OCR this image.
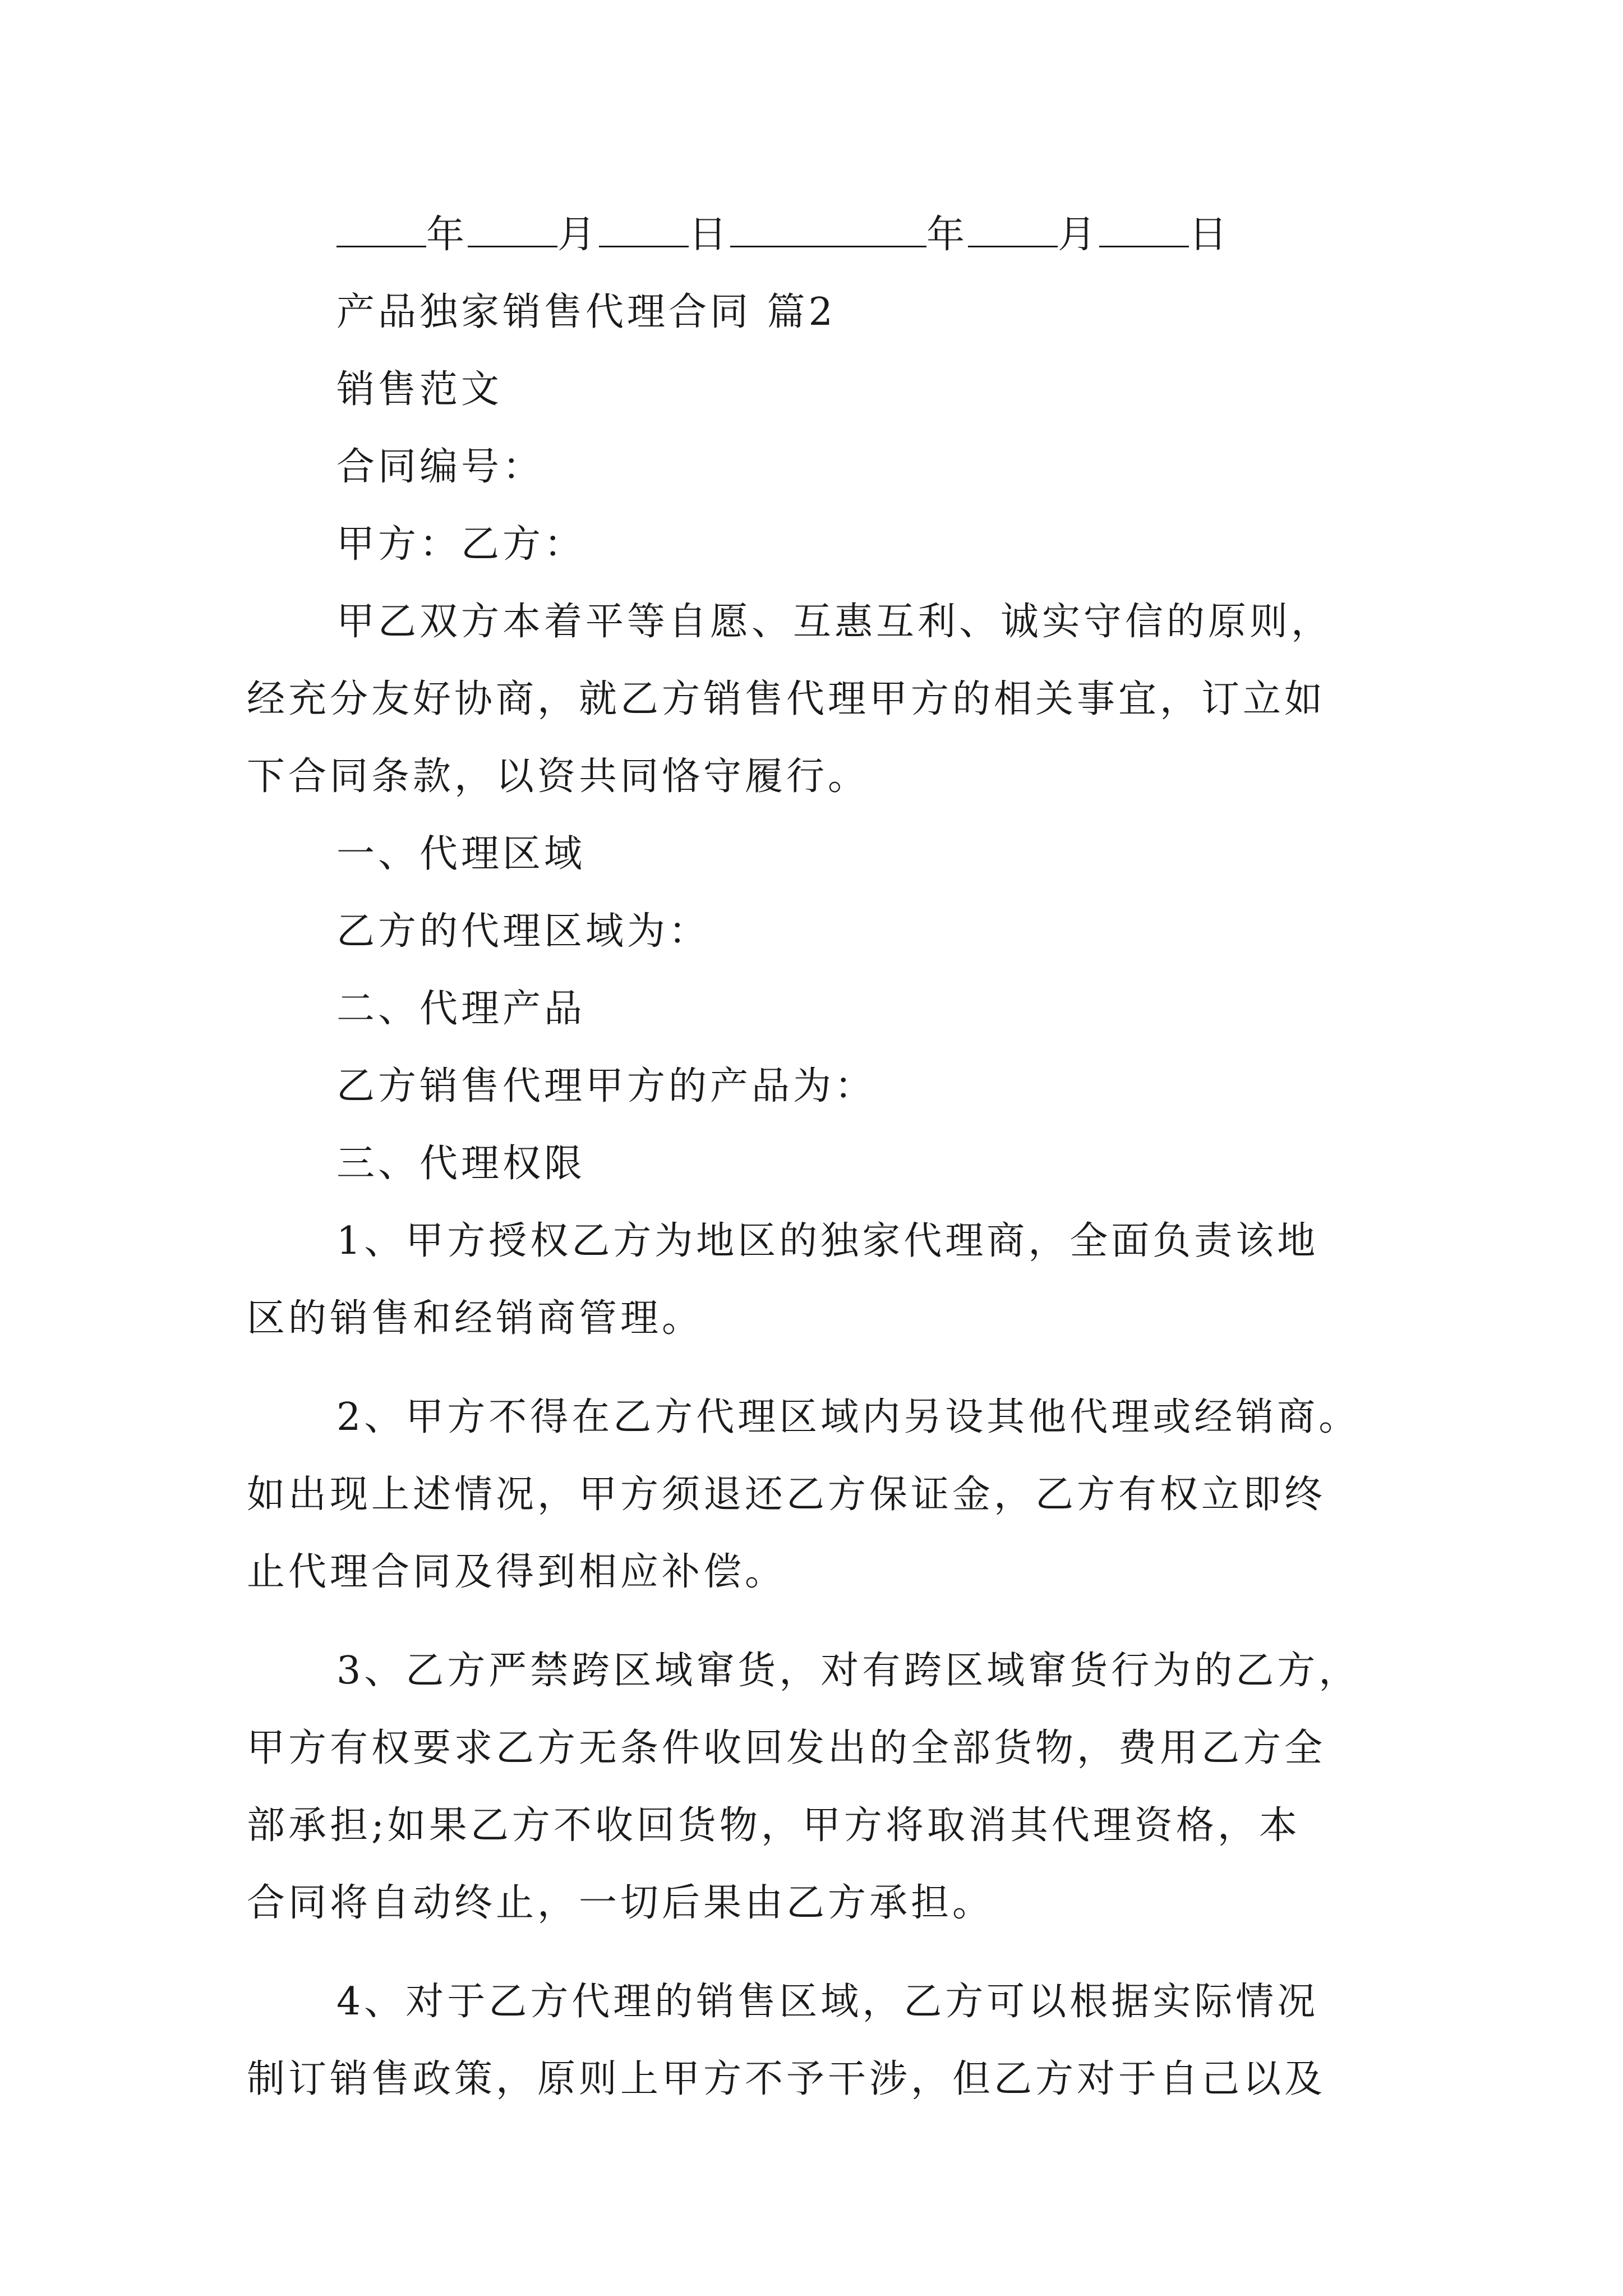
年 月 日	年 月 日
产品独家销售代理合同 篇2
销售范文
合同编号：
甲方：乙方：
甲乙双方本着平等自愿、互惠互利、诚实守信的原则，
经充分友好协商，就乙方销售代理甲方的相关事宜，订立如
下合同条款，以资共同恪守履行。
一、代理区域
乙方的代理区域为：
二、代理产品
乙方销售代理甲方的产品为：
三、代理权限
1、甲方授权乙方为地区的独家代理商，全面负责该地
区的销售和经销商管理。
2、甲方不得在乙方代理区域内另设其他代理或经销商。
如出现上述情况，甲方须退还乙方保证金，乙方有权立即终
止代理合同及得到相应补偿。
3、乙方严禁跨区域窜货，对有跨区域窜货行为的乙方，
甲方有权要求乙方无条件收回发出的全部货物，费用乙方全
部承担;如果乙方不收回货物，甲方将取消其代理资格，本
合同将自动终止，一切后果由乙方承担。
4、对于乙方代理的销售区域，乙方可以根据实际情况
制订销售政策，原则上甲方不予干涉，但乙方对于自己以及
